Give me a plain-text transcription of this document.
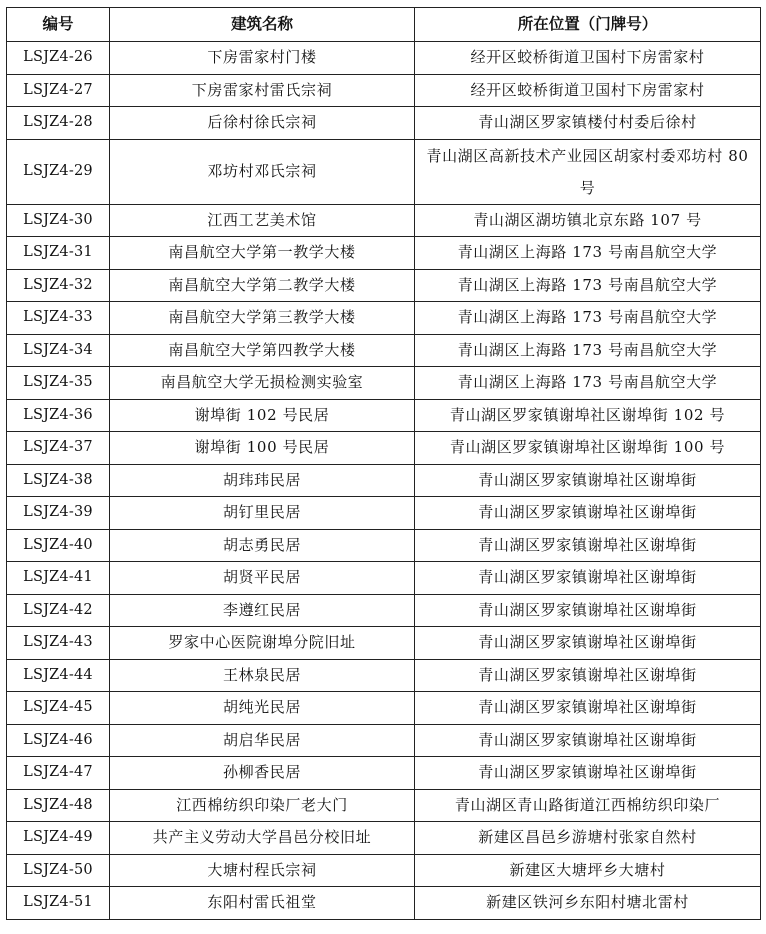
编号	建筑名称	所在位置（门牌号）
LSJZ4-26	下房雷家村门楼	经开区蛟桥街道卫国村下房雷家村
LSJZ4-27	下房雷家村雷氏宗祠	经开区蛟桥街道卫国村下房雷家村
LSJZ4-28	后徐村徐氏宗祠	青山湖区罗家镇楼付村委后徐村
LSJZ4-29	邓坊村邓氏宗祠	青山湖区高新技术产业园区胡家村委邓坊村 80 号
LSJZ4-30	江西工艺美术馆	青山湖区湖坊镇北京东路 107 号
LSJZ4-31	南昌航空大学第一教学大楼	青山湖区上海路 173 号南昌航空大学
LSJZ4-32	南昌航空大学第二教学大楼	青山湖区上海路 173 号南昌航空大学
LSJZ4-33	南昌航空大学第三教学大楼	青山湖区上海路 173 号南昌航空大学
LSJZ4-34	南昌航空大学第四教学大楼	青山湖区上海路 173 号南昌航空大学
LSJZ4-35	南昌航空大学无损检测实验室	青山湖区上海路 173 号南昌航空大学
LSJZ4-36	谢埠街 102 号民居	青山湖区罗家镇谢埠社区谢埠街 102 号
LSJZ4-37	谢埠街 100 号民居	青山湖区罗家镇谢埠社区谢埠街 100 号
LSJZ4-38	胡玮玮民居	青山湖区罗家镇谢埠社区谢埠街
LSJZ4-39	胡钉里民居	青山湖区罗家镇谢埠社区谢埠街
LSJZ4-40	胡志勇民居	青山湖区罗家镇谢埠社区谢埠街
LSJZ4-41	胡贤平民居	青山湖区罗家镇谢埠社区谢埠街
LSJZ4-42	李遵红民居	青山湖区罗家镇谢埠社区谢埠街
LSJZ4-43	罗家中心医院谢埠分院旧址	青山湖区罗家镇谢埠社区谢埠街
LSJZ4-44	王林泉民居	青山湖区罗家镇谢埠社区谢埠街
LSJZ4-45	胡纯光民居	青山湖区罗家镇谢埠社区谢埠街
LSJZ4-46	胡启华民居	青山湖区罗家镇谢埠社区谢埠街
LSJZ4-47	孙柳香民居	青山湖区罗家镇谢埠社区谢埠街
LSJZ4-48	江西棉纺织印染厂老大门	青山湖区青山路街道江西棉纺织印染厂
LSJZ4-49	共产主义劳动大学昌邑分校旧址	新建区昌邑乡游塘村张家自然村
LSJZ4-50	大塘村程氏宗祠	新建区大塘坪乡大塘村
LSJZ4-51	东阳村雷氏祖堂	新建区铁河乡东阳村塘北雷村
